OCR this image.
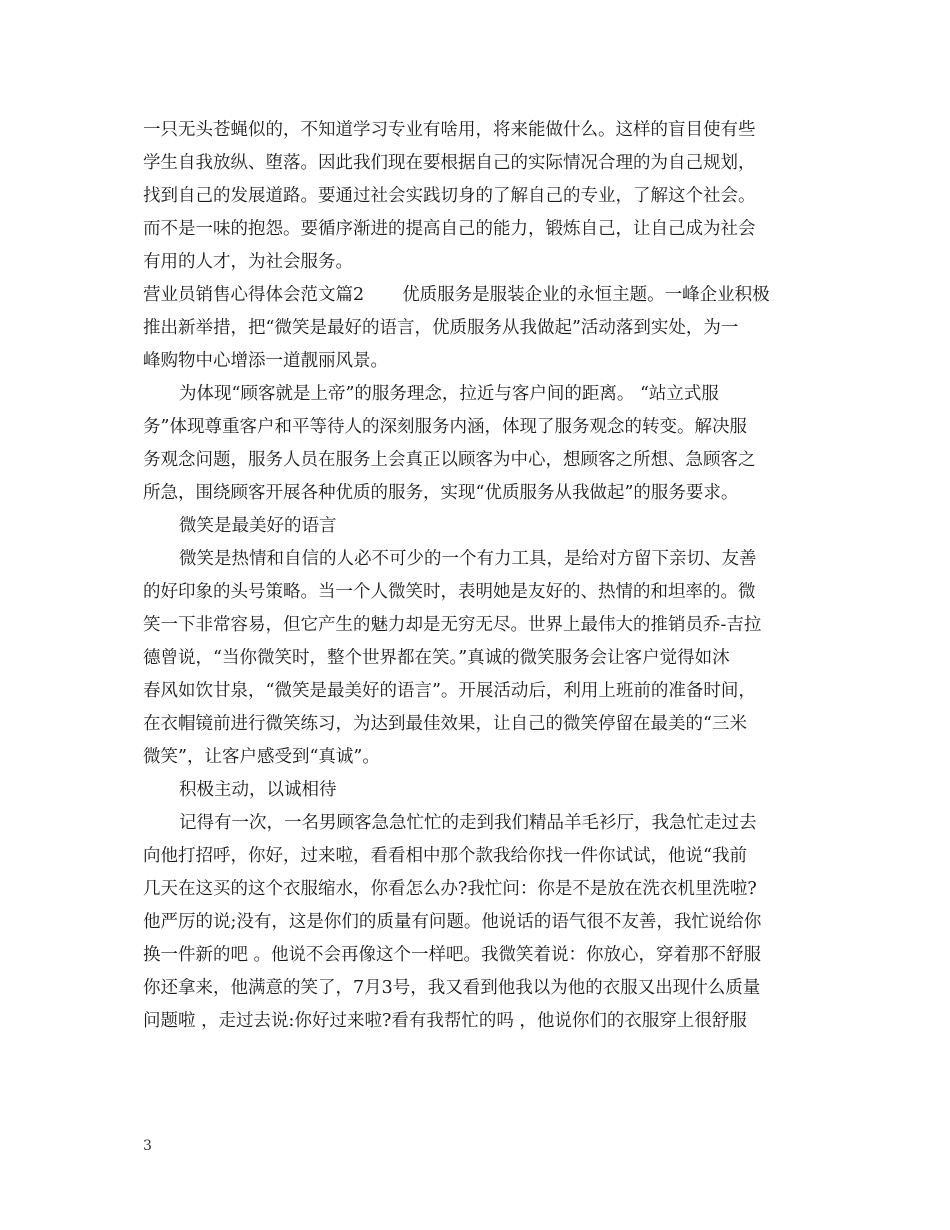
一只无头苍蝇似的，不知道学习专业有啥用，将来能做什么。这样的盲目使有些
学生自我放纵、堕落。因此我们现在要根据自己的实际情况合理的为自己规划，
找到自己的发展道路。要通过社会实践切身的了解自己的专业，了解这个社会。
而不是一味的抱怨。要循序渐进的提高自己的能力，锻炼自己，让自己成为社会
有用的人才，为社会服务。
营业员销售心得体会范文篇2 优质服务是服装企业的永恒主题。一峰企业积极
推出新举措，把“微笑是最好的语言，优质服务从我做起”活动落到实处，为一
峰购物中心增添一道靓丽风景。
为体现“顾客就是上帝”的服务理念，拉近与客户间的距离。 “站立式服
务”体现尊重客户和平等待人的深刻服务内涵，体现了服务观念的转变。解决服
务观念问题，服务人员在服务上会真正以顾客为中心，想顾客之所想、急顾客之
所急，围绕顾客开展各种优质的服务，实现“优质服务从我做起”的服务要求。
微笑是最美好的语言
微笑是热情和自信的人必不可少的一个有力工具，是给对方留下亲切、友善
的好印象的头号策略。当一个人微笑时，表明她是友好的、热情的和坦率的。微
笑一下非常容易，但它产生的魅力却是无穷无尽。世界上最伟大的推销员乔-吉拉
德曾说，“当你微笑时，整个世界都在笑。”真诚的微笑服务会让客户觉得如沐
春风如饮甘泉，“微笑是最美好的语言”。开展活动后，利用上班前的准备时间，
在衣帽镜前进行微笑练习，为达到最佳效果，让自己的微笑停留在最美的“三米
微笑”，让客户感受到“真诚”。
积极主动，以诚相待
记得有一次，一名男顾客急急忙忙的走到我们精品羊毛衫厅，我急忙走过去
向他打招呼，你好，过来啦，看看相中那个款我给你找一件你试试，他说“我前
几天在这买的这个衣服缩水，你看怎么办?我忙问：你是不是放在洗衣机里洗啦?
他严厉的说;没有，这是你们的质量有问题。他说话的语气很不友善，我忙说给你
换一件新的吧 。他说不会再像这个一样吧。我微笑着说：你放心，穿着那不舒服
你还拿来，他满意的笑了，7月3号，我又看到他我以为他的衣服又出现什么质量
问题啦 ，走过去说:你好过来啦?看有我帮忙的吗 ，他说你们的衣服穿上很舒服
3
